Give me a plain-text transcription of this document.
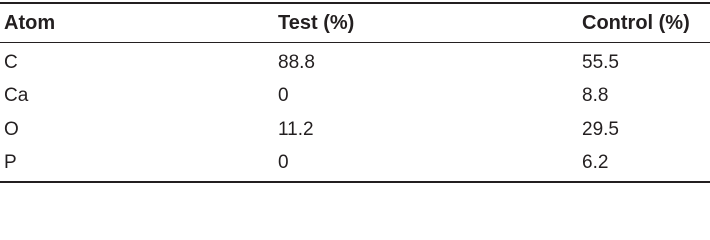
Atom	Test (%)	Control (%)
C	88.8	55.5
Ca	0	8.8
O	11.2	29.5
P	0	6.2
